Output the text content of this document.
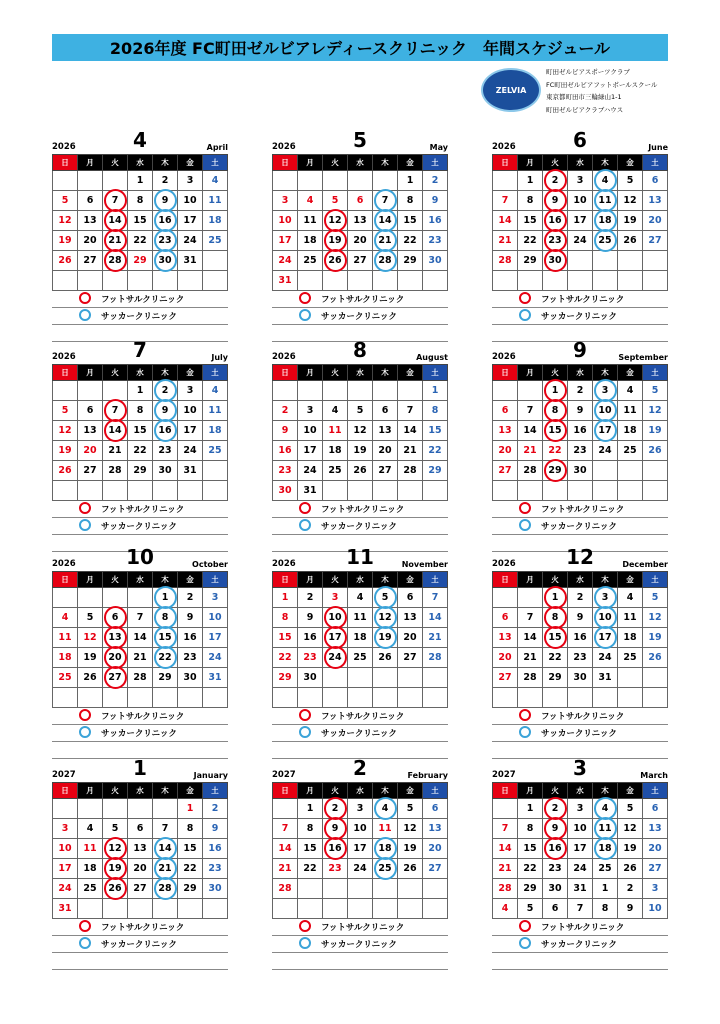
2026年度 FC町田ゼルビアレディースクリニック　年間スケジュール
ZELVIA
町田ゼルビアスポーツクラブ
FC町田ゼルビアフットボールスクール
東京都町田市三輪緑山1-1
町田ゼルビアクラブハウス
2026	4	April
日	月	火	水	木	金	土
			1	2	3	4
5	6	7	8	9	10	11
12	13	14	15	16	17	18
19	20	21	22	23	24	25
26	27	28	29	30	31	

フットサルクリニック
サッカークリニック
2026	5	May
日	月	火	水	木	金	土
					1	2
3	4	5	6	7	8	9
10	11	12	13	14	15	16
17	18	19	20	21	22	23
24	25	26	27	28	29	30
31						
フットサルクリニック
サッカークリニック
2026	6	June
日	月	火	水	木	金	土
	1	2	3	4	5	6
7	8	9	10	11	12	13
14	15	16	17	18	19	20
21	22	23	24	25	26	27
28	29	30				

フットサルクリニック
サッカークリニック
2026	7	July
日	月	火	水	木	金	土
			1	2	3	4
5	6	7	8	9	10	11
12	13	14	15	16	17	18
19	20	21	22	23	24	25
26	27	28	29	30	31	

フットサルクリニック
サッカークリニック
2026	8	August
日	月	火	水	木	金	土
						1
2	3	4	5	6	7	8
9	10	11	12	13	14	15
16	17	18	19	20	21	22
23	24	25	26	27	28	29
30	31					
フットサルクリニック
サッカークリニック
2026	9	September
日	月	火	水	木	金	土
		1	2	3	4	5
6	7	8	9	10	11	12
13	14	15	16	17	18	19
20	21	22	23	24	25	26
27	28	29	30			

フットサルクリニック
サッカークリニック
2026	10	October
日	月	火	水	木	金	土
				1	2	3
4	5	6	7	8	9	10
11	12	13	14	15	16	17
18	19	20	21	22	23	24
25	26	27	28	29	30	31

フットサルクリニック
サッカークリニック
2026	11	November
日	月	火	水	木	金	土
1	2	3	4	5	6	7
8	9	10	11	12	13	14
15	16	17	18	19	20	21
22	23	24	25	26	27	28
29	30					

フットサルクリニック
サッカークリニック
2026	12	December
日	月	火	水	木	金	土
		1	2	3	4	5
6	7	8	9	10	11	12
13	14	15	16	17	18	19
20	21	22	23	24	25	26
27	28	29	30	31		

フットサルクリニック
サッカークリニック
2027	1	January
日	月	火	水	木	金	土
					1	2
3	4	5	6	7	8	9
10	11	12	13	14	15	16
17	18	19	20	21	22	23
24	25	26	27	28	29	30
31						
フットサルクリニック
サッカークリニック
2027	2	February
日	月	火	水	木	金	土
	1	2	3	4	5	6
7	8	9	10	11	12	13
14	15	16	17	18	19	20
21	22	23	24	25	26	27
28						

フットサルクリニック
サッカークリニック
2027	3	March
日	月	火	水	木	金	土
	1	2	3	4	5	6
7	8	9	10	11	12	13
14	15	16	17	18	19	20
21	22	23	24	25	26	27
28	29	30	31	1	2	3
4	5	6	7	8	9	10
フットサルクリニック
サッカークリニック
